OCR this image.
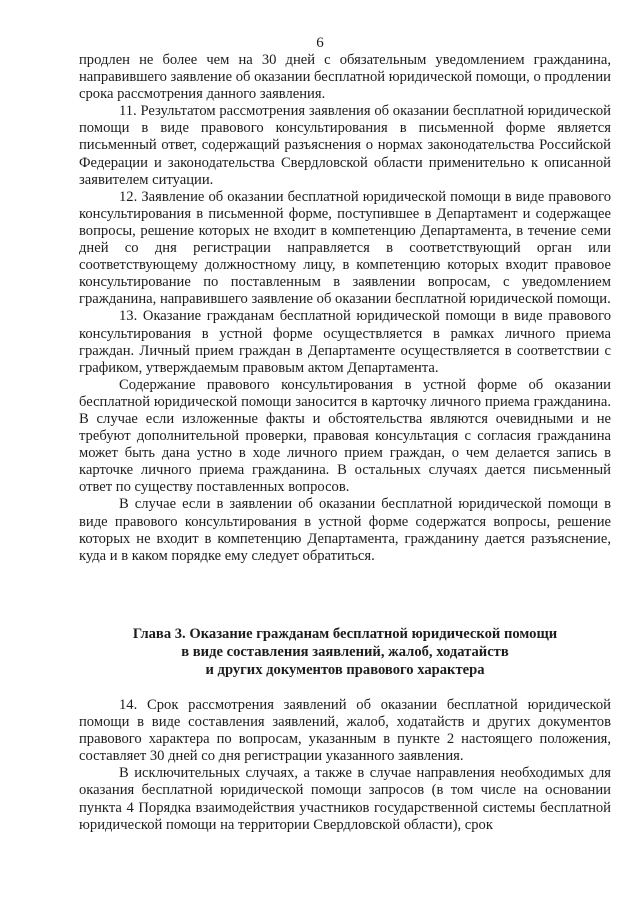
6

продлен не более чем на 30 дней с обязательным уведомлением гражданина, направившего заявление об оказании бесплатной юридической помощи, о продлении срока рассмотрения данного заявления.

11. Результатом рассмотрения заявления об оказании бесплатной юридической помощи в виде правового консультирования в письменной форме является письменный ответ, содержащий разъяснения о нормах законодательства Российской Федерации и законодательства Свердловской области применительно к описанной заявителем ситуации.

12. Заявление об оказании бесплатной юридической помощи в виде правового консультирования в письменной форме, поступившее в Департамент и содержащее вопросы, решение которых не входит в компетенцию Департамента, в течение семи дней со дня регистрации направляется в соответствующий орган или соответствующему должностному лицу, в компетенцию которых входит правовое консультирование по поставленным в заявлении вопросам, с уведомлением гражданина, направившего заявление об оказании бесплатной юридической помощи.

13. Оказание гражданам бесплатной юридической помощи в виде правового консультирования в устной форме осуществляется в рамках личного приема граждан. Личный прием граждан в Департаменте осуществляется в соответствии с графиком, утверждаемым правовым актом Департамента.

Содержание правового консультирования в устной форме об оказании бесплатной юридической помощи заносится в карточку личного приема гражданина. В случае если изложенные факты и обстоятельства являются очевидными и не требуют дополнительной проверки, правовая консультация с согласия гражданина может быть дана устно в ходе личного прием граждан, о чем делается запись в карточке личного приема гражданина. В остальных случаях дается письменный ответ по существу поставленных вопросов.

В случае если в заявлении об оказании бесплатной юридической помощи в виде правового консультирования в устной форме содержатся вопросы, решение которых не входит в компетенцию Департамента, гражданину дается разъяснение, куда и в каком порядке ему следует обратиться.

Глава 3. Оказание гражданам бесплатной юридической помощи
в виде составления заявлений, жалоб, ходатайств
и других документов правового характера

14. Срок рассмотрения заявлений об оказании бесплатной юридической помощи в виде составления заявлений, жалоб, ходатайств и других документов правового характера по вопросам, указанным в пункте 2 настоящего положения, составляет 30 дней со дня регистрации указанного заявления.

В исключительных случаях, а также в случае направления необходимых для оказания бесплатной юридической помощи запросов (в том числе на основании пункта 4 Порядка взаимодействия участников государственной системы бесплатной юридической помощи на территории Свердловской области), срок
